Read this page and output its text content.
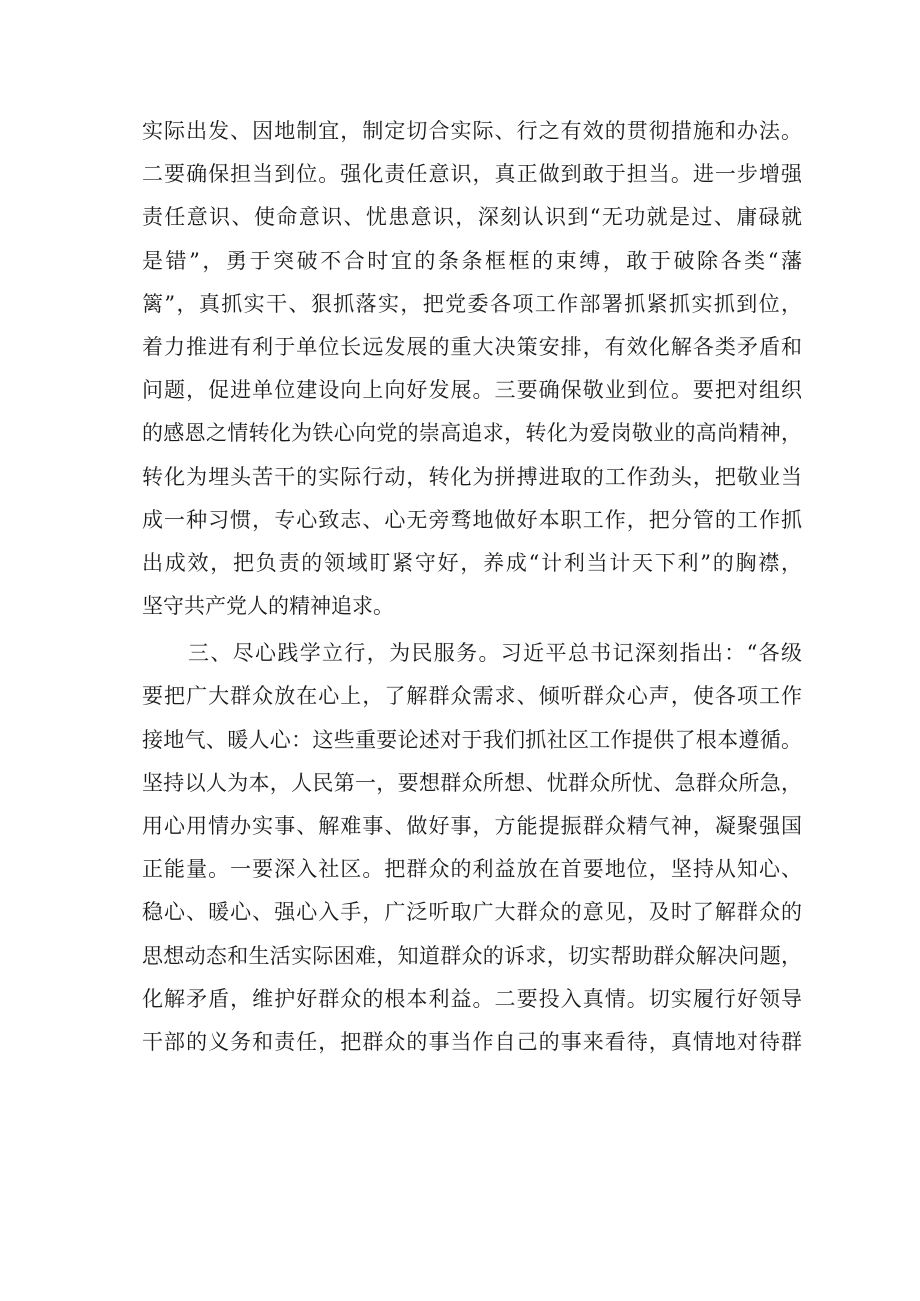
实际出发、因地制宜，制定切合实际、行之有效的贯彻措施和办法。
二要确保担当到位。强化责任意识，真正做到敢于担当。进一步增强
责任意识、使命意识、忧患意识，深刻认识到“无功就是过、庸碌就
是错”，勇于突破不合时宜的条条框框的束缚，敢于破除各类“藩
篱”，真抓实干、狠抓落实，把党委各项工作部署抓紧抓实抓到位，
着力推进有利于单位长远发展的重大决策安排，有效化解各类矛盾和
问题，促进单位建设向上向好发展。三要确保敬业到位。要把对组织
的感恩之情转化为铁心向党的崇高追求，转化为爱岗敬业的高尚精神，
转化为埋头苦干的实际行动，转化为拼搏进取的工作劲头，把敬业当
成一种习惯，专心致志、心无旁骛地做好本职工作，把分管的工作抓
出成效，把负责的领域盯紧守好，养成“计利当计天下利”的胸襟，
坚守共产党人的精神追求。
三、尽心践学立行，为民服务。习近平总书记深刻指出：“各级
要把广大群众放在心上，了解群众需求、倾听群众心声，使各项工作
接地气、暖人心：这些重要论述对于我们抓社区工作提供了根本遵循。
坚持以人为本，人民第一，要想群众所想、忧群众所忧、急群众所急，
用心用情办实事、解难事、做好事，方能提振群众精气神，凝聚强国
正能量。一要深入社区。把群众的利益放在首要地位，坚持从知心、
稳心、暖心、强心入手，广泛听取广大群众的意见，及时了解群众的
思想动态和生活实际困难，知道群众的诉求，切实帮助群众解决问题，
化解矛盾，维护好群众的根本利益。二要投入真情。切实履行好领导
干部的义务和责任，把群众的事当作自己的事来看待，真情地对待群
